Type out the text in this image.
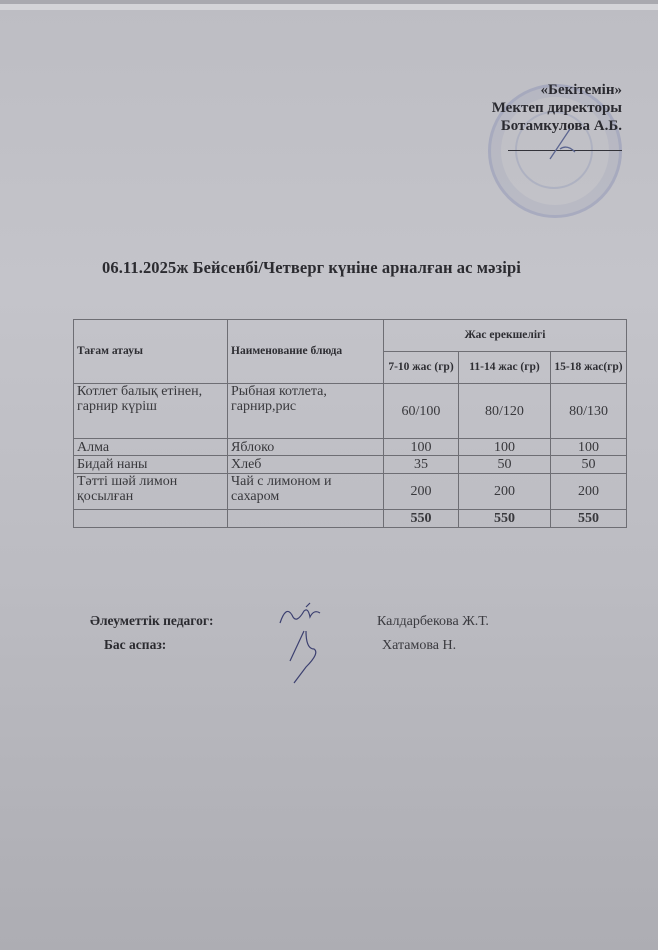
«Бекітемін»
Мектеп директоры
Ботамкулова А.Б.
06.11.2025ж Бейсенбі/Четверг күніне арналған ас мәзірі
Тағам атауы	Наименование блюда	Жас ерекшелігі		
		7-10 жас (гр)	11-14 жас (гр)	15-18 жас(гр)
Котлет балық етінен, гарнир күріш	Рыбная котлета, гарнир,рис	60/100	80/120	80/130
Алма	Яблоко	100	100	100
Бидай наны	Хлеб	35	50	50
Тәтті шәй лимон қосылған	Чай с лимоном и сахаром	200	200	200
		550	550	550
Әлеуметтік педагог:	Калдарбекова Ж.Т.
Бас аспаз:	Хатамова Н.
